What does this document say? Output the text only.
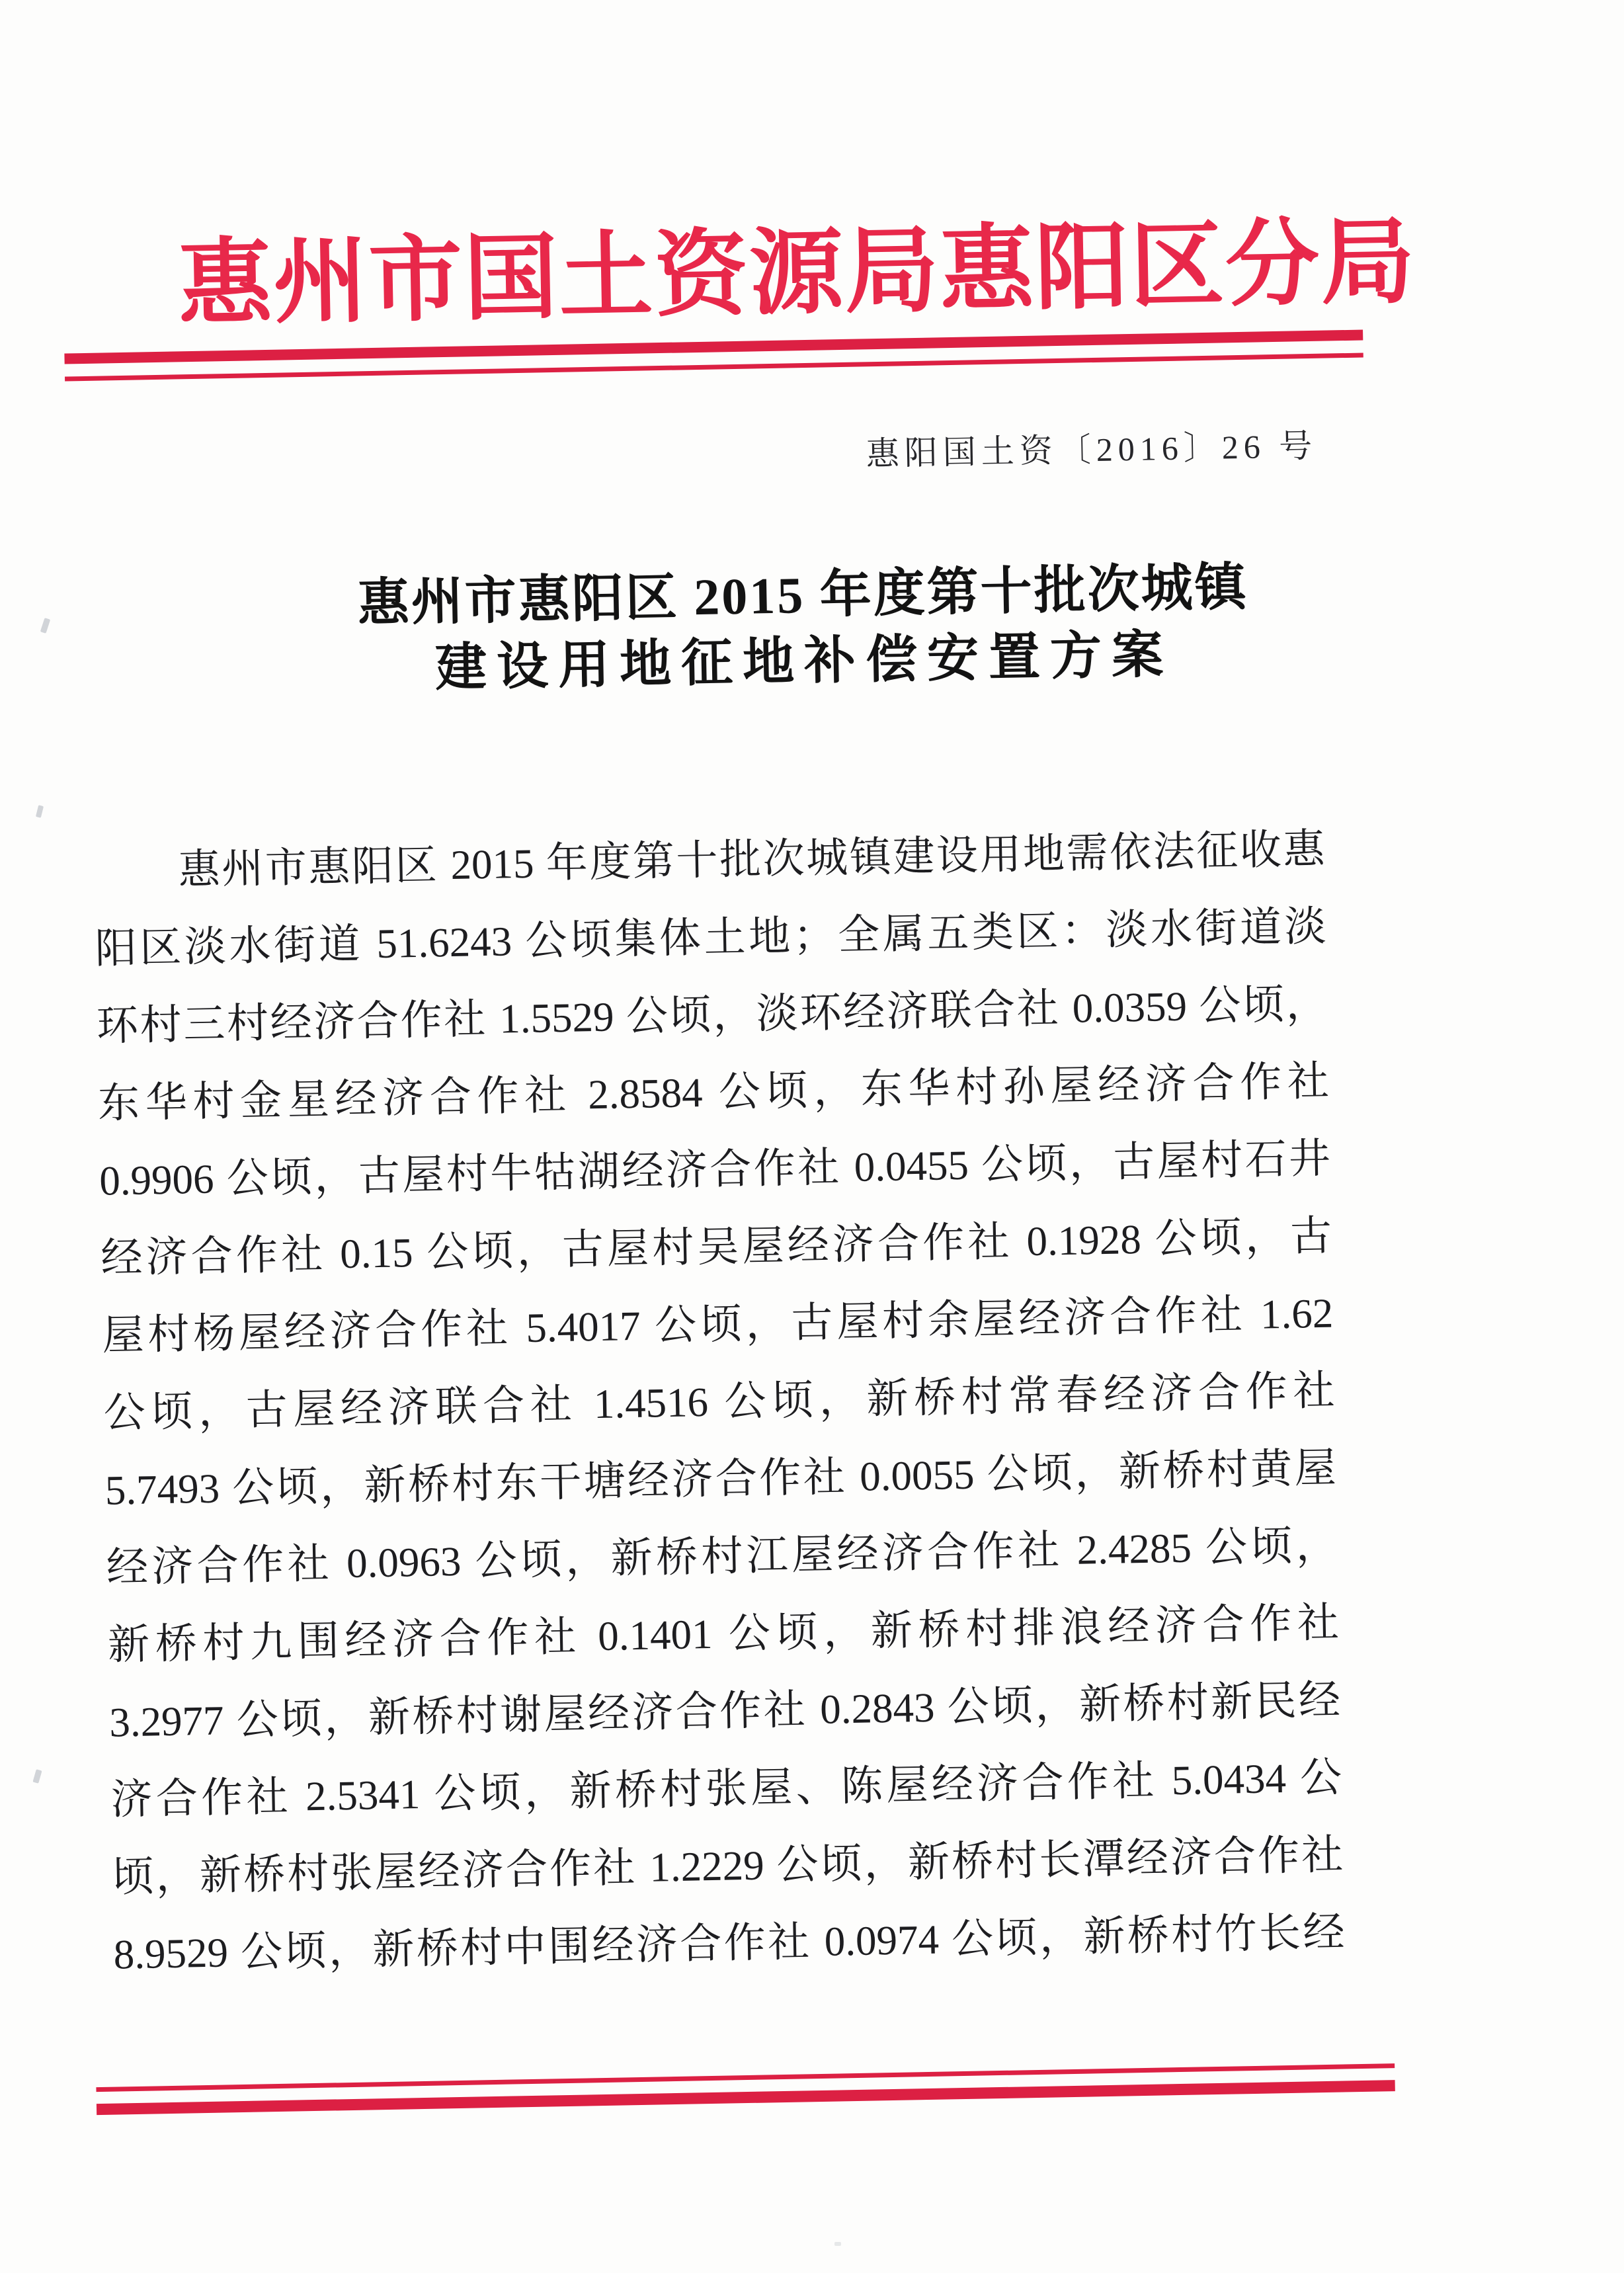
惠州市国土资源局惠阳区分局
惠阳国土资〔2016〕26 号
惠州市惠阳区 2015 年度第十批次城镇
建设用地征地补偿安置方案
惠州市惠阳区 2015 年度第十批次城镇建设用地需依法征收惠
阳区淡水街道 51.6243 公顷集体土地；全属五类区：淡水街道淡
环村三村经济合作社 1.5529 公顷，淡环经济联合社 0.0359 公顷，
东华村金星经济合作社 2.8584 公顷，东华村孙屋经济合作社
0.9906 公顷，古屋村牛牯湖经济合作社 0.0455 公顷，古屋村石井
经济合作社 0.15 公顷，古屋村吴屋经济合作社 0.1928 公顷，古
屋村杨屋经济合作社 5.4017 公顷，古屋村余屋经济合作社 1.62
公顷，古屋经济联合社 1.4516 公顷，新桥村常春经济合作社
5.7493 公顷，新桥村东干塘经济合作社 0.0055 公顷，新桥村黄屋
经济合作社 0.0963 公顷，新桥村江屋经济合作社 2.4285 公顷，
新桥村九围经济合作社 0.1401 公顷，新桥村排浪经济合作社
3.2977 公顷，新桥村谢屋经济合作社 0.2843 公顷，新桥村新民经
济合作社 2.5341 公顷，新桥村张屋、陈屋经济合作社 5.0434 公
顷，新桥村张屋经济合作社 1.2229 公顷，新桥村长潭经济合作社
8.9529 公顷，新桥村中围经济合作社 0.0974 公顷，新桥村竹长经
